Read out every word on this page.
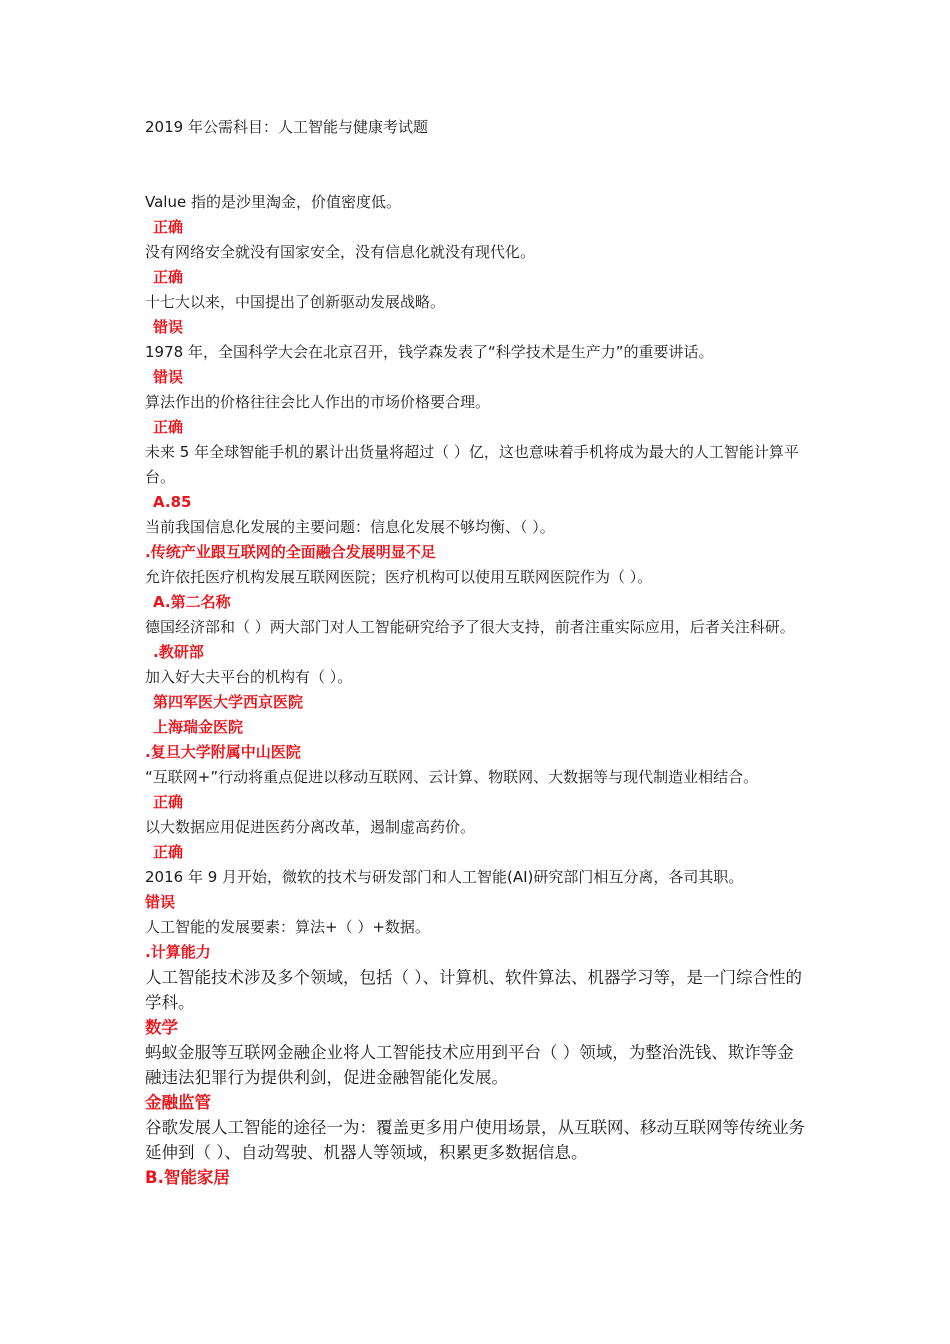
2019 年公需科目：人工智能与健康考试题

Value 指的是沙里淘金，价值密度低。

正确

没有网络安全就没有国家安全，没有信息化就没有现代化。

正确

十七大以来，中国提出了创新驱动发展战略。

错误

1978 年，全国科学大会在北京召开，钱学森发表了“科学技术是生产力”的重要讲话。

错误

算法作出的价格往往会比人作出的市场价格要合理。

正确

未来 5 年全球智能手机的累计出货量将超过（ ）亿，这也意味着手机将成为最大的人工智能计算平台。

A.85

当前我国信息化发展的主要问题：信息化发展不够均衡、（ ）。

.传统产业跟互联网的全面融合发展明显不足

允许依托医疗机构发展互联网医院；医疗机构可以使用互联网医院作为（ ）。

A.第二名称

德国经济部和（ ）两大部门对人工智能研究给予了很大支持，前者注重实际应用，后者关注科研。

.教研部

加入好大夫平台的机构有（ ）。

第四军医大学西京医院

上海瑞金医院

.复旦大学附属中山医院

“互联网+”行动将重点促进以移动互联网、云计算、物联网、大数据等与现代制造业相结合。

正确

以大数据应用促进医药分离改革，遏制虚高药价。

正确

2016 年 9 月开始，微软的技术与研发部门和人工智能(AI)研究部门相互分离，各司其职。

错误

人工智能的发展要素：算法+（ ）+数据。

.计算能力

人工智能技术涉及多个领域，包括（ ）、计算机、软件算法、机器学习等，是一门综合性的学科。

数学

蚂蚁金服等互联网金融企业将人工智能技术应用到平台（ ）领域，为整治洗钱、欺诈等金融违法犯罪行为提供利剑，促进金融智能化发展。

金融监管

谷歌发展人工智能的途径一为：覆盖更多用户使用场景，从互联网、移动互联网等传统业务延伸到（ ）、自动驾驶、机器人等领域，积累更多数据信息。

B.智能家居
